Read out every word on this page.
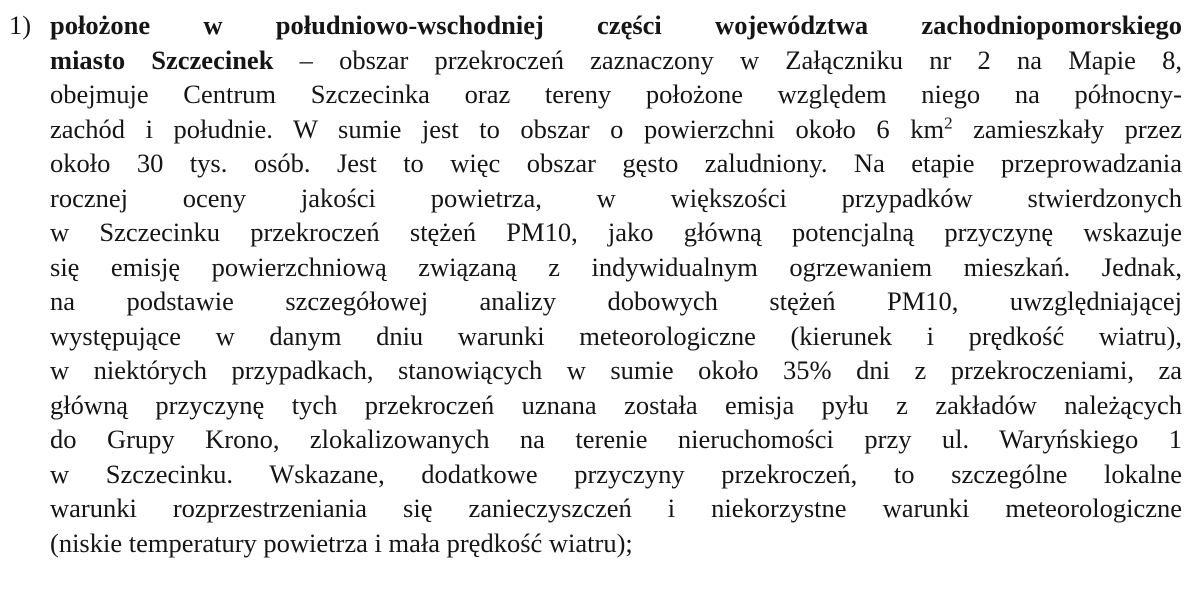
1) położone w południowo-wschodniej części województwa zachodniopomorskiego
miasto Szczecinek – obszar przekroczeń zaznaczony w Załączniku nr 2 na Mapie 8,
obejmuje Centrum Szczecinka oraz tereny położone względem niego na północny-
zachód i południe. W sumie jest to obszar o powierzchni około 6 $km^2$ zamieszkały przez
około 30 tys. osób. Jest to więc obszar gęsto zaludniony. Na etapie przeprowadzania
rocznej oceny jakości powietrza, w większości przypadków stwierdzonych
w Szczecinku przekroczeń stężeń PM10, jako główną potencjalną przyczynę wskazuje
się emisję powierzchniową związaną z indywidualnym ogrzewaniem mieszkań. Jednak,
na podstawie szczegółowej analizy dobowych stężeń PM10, uwzględniającej
występujące w danym dniu warunki meteorologiczne (kierunek i prędkość wiatru),
w niektórych przypadkach, stanowiących w sumie około 35% dni z przekroczeniami, za
główną przyczynę tych przekroczeń uznana została emisja pyłu z zakładów należących
do Grupy Krono, zlokalizowanych na terenie nieruchomości przy ul. Waryńskiego 1
w Szczecinku. Wskazane, dodatkowe przyczyny przekroczeń, to szczególne lokalne
warunki rozprzestrzeniania się zanieczyszczeń i niekorzystne warunki meteorologiczne
(niskie temperatury powietrza i mała prędkość wiatru);
